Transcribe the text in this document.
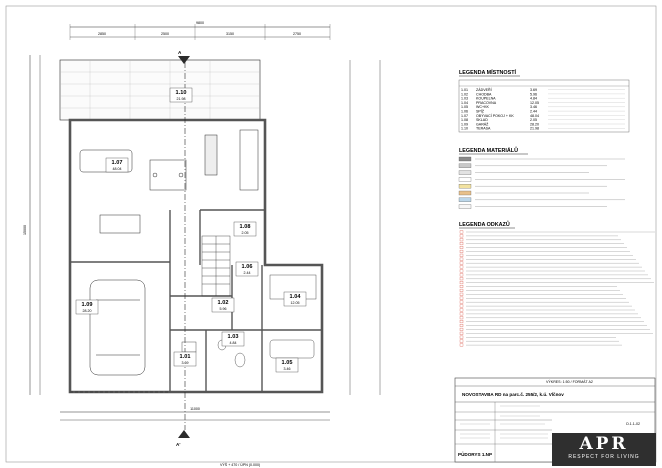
9800
2850	2500	3150	2750
15000
11000
A
A'
1.10
21.98
1.07
48.04
1.08
2.05
1.06
2.44
1.09
28.20
1.02
5.96
1.04
12.05
1.03
4.84
1.01
3.69	1.05
3.46
LEGENDA MÍSTNOSTÍ
1.01 ZÁDVEŘÍ	3.69
1.02 CHODBA	5.96
1.03 KOUPELNA	4.84
1.04 PRACOVNA	12.05
1.05 WC+KK	3.46
1.06 SPÍŽ	2.44
1.07 OBÝVACÍ POKOJ + KK	48.04
1.08 SKLAD	2.05
1.09 GARÁŽ	28.20
1.10 TERASA	21.98
LEGENDA MATERIÁLŮ
LEGENDA ODKAZŮ
VÝKRES: 1:50 / FORMÁT A2
NOVOSTAVBA RD na parc.č. 255/2, k.ú. Vlčnov
PŮDORYS 1.NP
D.1.1-02
VÝŠ + 470 / ÚPN (0.000)
APR
RESPECT FOR LIVING
